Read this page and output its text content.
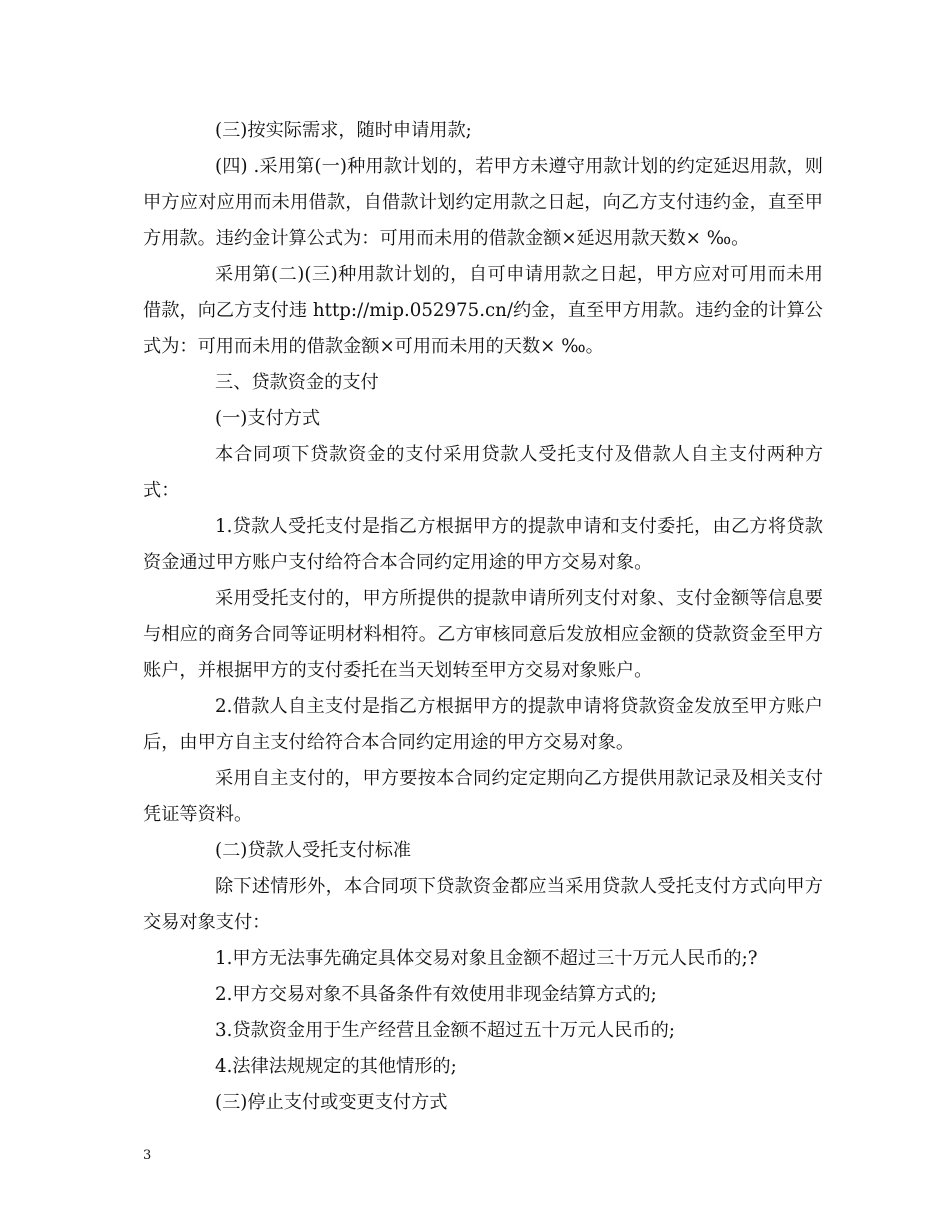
(三)按实际需求，随时申请用款;

(四) .采用第(一)种用款计划的，若甲方未遵守用款计划的约定延迟用款，则甲方应对应用而未用借款，自借款计划约定用款之日起，向乙方支付违约金，直至甲方用款。违约金计算公式为：可用而未用的借款金额×延迟用款天数× ‰。

采用第(二)(三)种用款计划的，自可申请用款之日起，甲方应对可用而未用借款，向乙方支付违 http://mip.052975.cn/约金，直至甲方用款。违约金的计算公式为：可用而未用的借款金额×可用而未用的天数× ‰。

三、贷款资金的支付

(一)支付方式

本合同项下贷款资金的支付采用贷款人受托支付及借款人自主支付两种方式：

1.贷款人受托支付是指乙方根据甲方的提款申请和支付委托，由乙方将贷款资金通过甲方账户支付给符合本合同约定用途的甲方交易对象。

采用受托支付的，甲方所提供的提款申请所列支付对象、支付金额等信息要与相应的商务合同等证明材料相符。乙方审核同意后发放相应金额的贷款资金至甲方账户，并根据甲方的支付委托在当天划转至甲方交易对象账户。

2.借款人自主支付是指乙方根据甲方的提款申请将贷款资金发放至甲方账户后，由甲方自主支付给符合本合同约定用途的甲方交易对象。

采用自主支付的，甲方要按本合同约定定期向乙方提供用款记录及相关支付凭证等资料。

(二)贷款人受托支付标准

除下述情形外，本合同项下贷款资金都应当采用贷款人受托支付方式向甲方交易对象支付：

1.甲方无法事先确定具体交易对象且金额不超过三十万元人民币的;?

2.甲方交易对象不具备条件有效使用非现金结算方式的;

3.贷款资金用于生产经营且金额不超过五十万元人民币的;

4.法律法规规定的其他情形的;

(三)停止支付或变更支付方式

3
